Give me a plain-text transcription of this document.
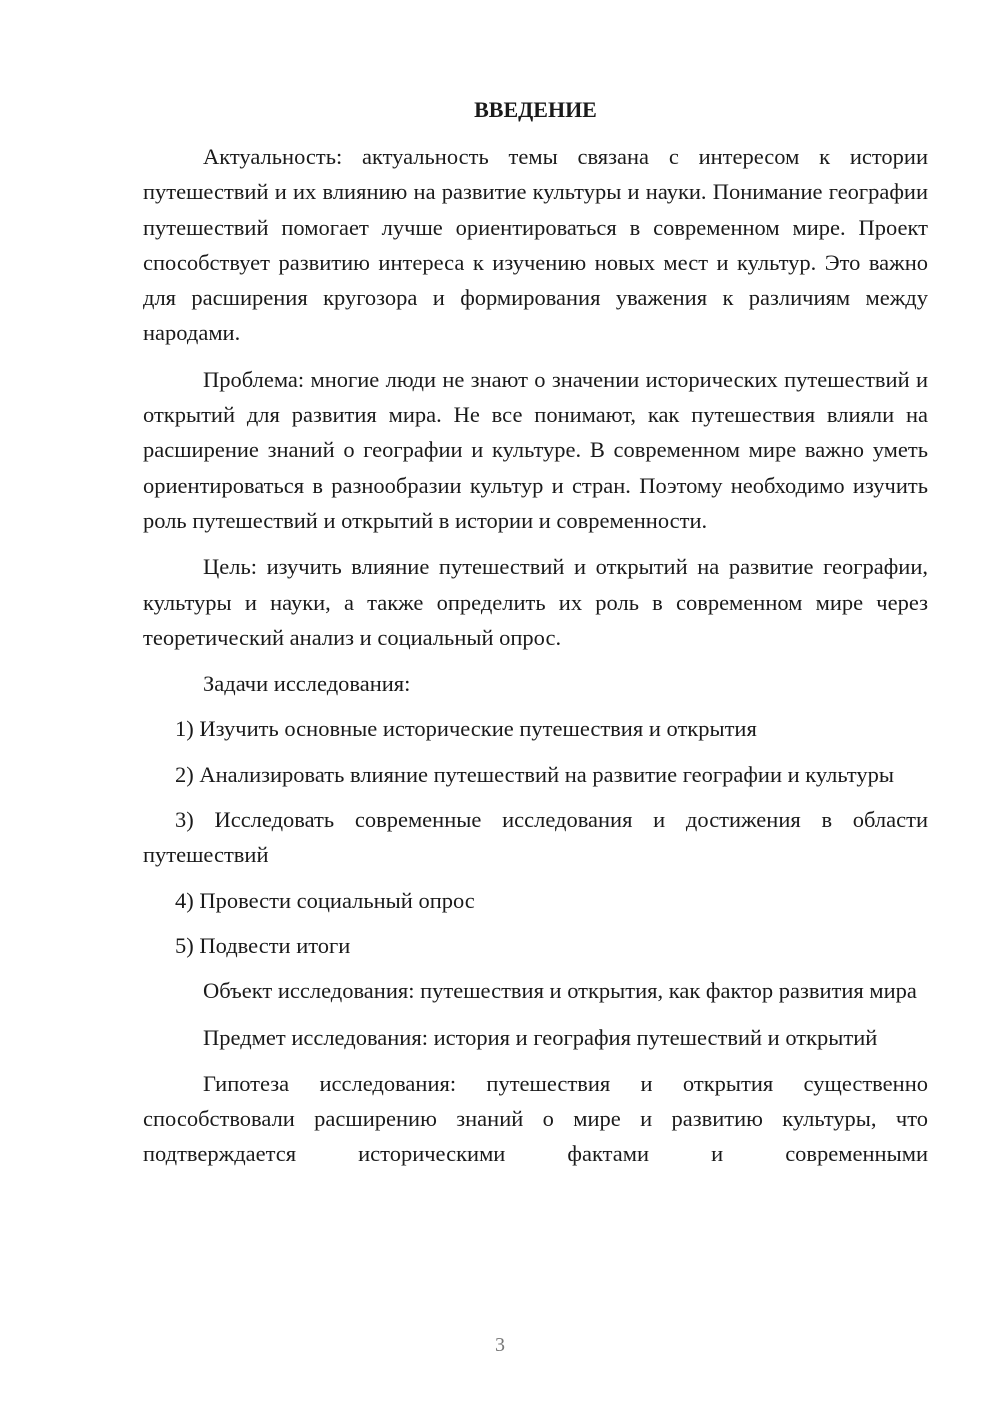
ВВЕДЕНИЕ

Актуальность: актуальность темы связана с интересом к истории путешествий и их влиянию на развитие культуры и науки. Понимание географии путешествий помогает лучше ориентироваться в современном мире. Проект способствует развитию интереса к изучению новых мест и культур. Это важно для расширения кругозора и формирования уважения к различиям между народами.

Проблема: многие люди не знают о значении исторических путешествий и открытий для развития мира. Не все понимают, как путешествия влияли на расширение знаний о географии и культуре. В современном мире важно уметь ориентироваться в разнообразии культур и стран. Поэтому необходимо изучить роль путешествий и открытий в истории и современности.

Цель: изучить влияние путешествий и открытий на развитие географии, культуры и науки, а также определить их роль в современном мире через теоретический анализ и социальный опрос.

Задачи исследования:

1) Изучить основные исторические путешествия и открытия

2) Анализировать влияние путешествий на развитие географии и культуры

3) Исследовать современные исследования и достижения в области путешествий

4) Провести социальный опрос

5) Подвести итоги

Объект исследования: путешествия и открытия, как фактор развития мира

Предмет исследования: история и география путешествий и открытий

Гипотеза исследования: путешествия и открытия существенно способствовали расширению знаний о мире и развитию культуры, что подтверждается историческими фактами и современными

3
